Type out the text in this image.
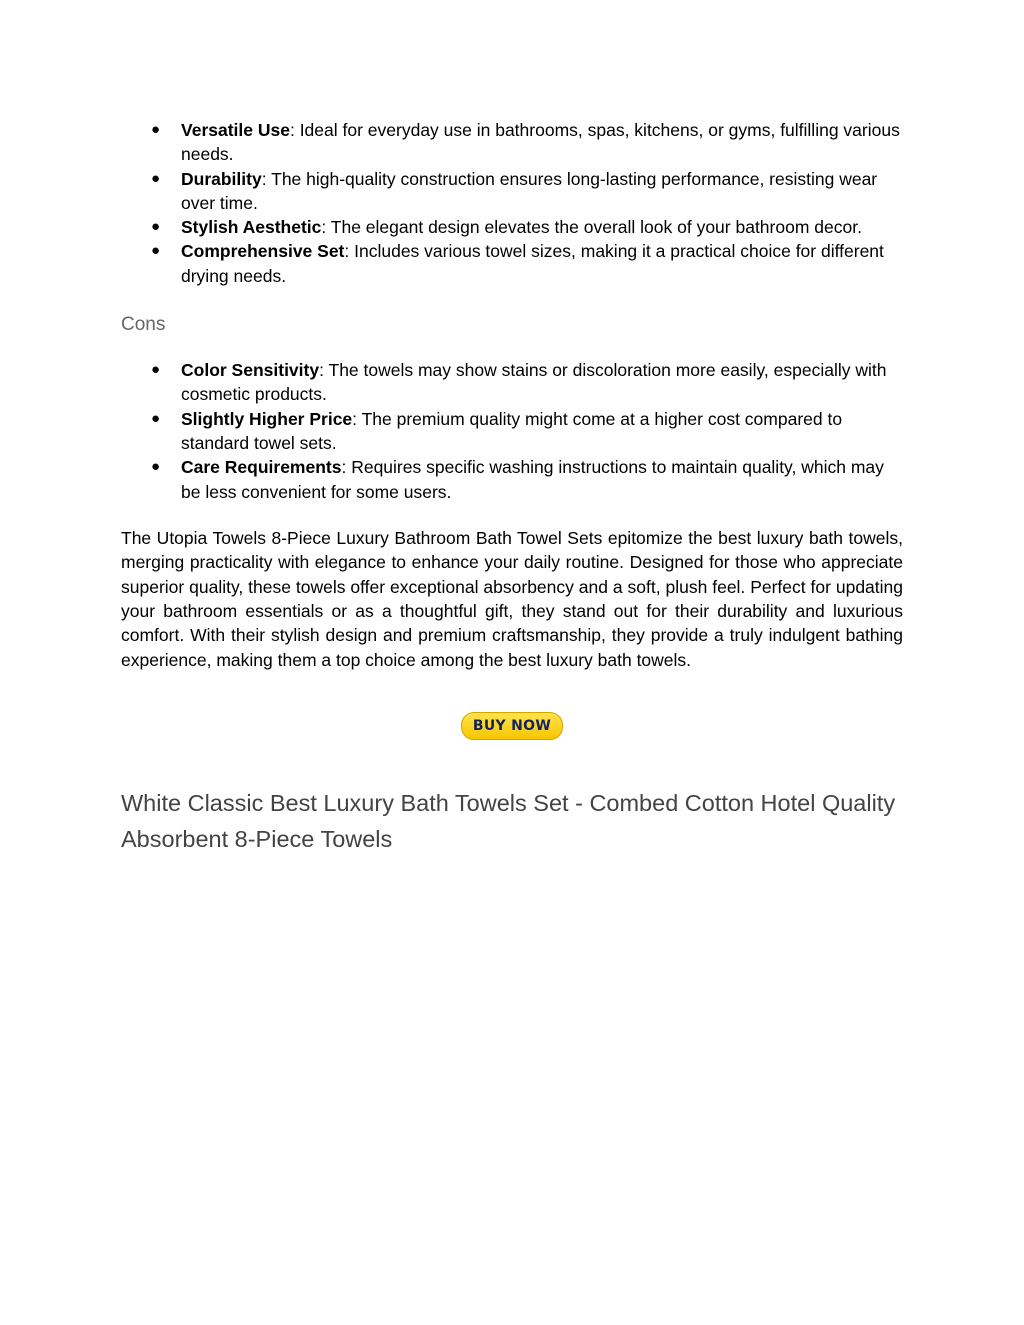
● Versatile Use: Ideal for everyday use in bathrooms, spas, kitchens, or gyms, fulfilling various needs.
● Durability: The high-quality construction ensures long-lasting performance, resisting wear over time.
● Stylish Aesthetic: The elegant design elevates the overall look of your bathroom decor.
● Comprehensive Set: Includes various towel sizes, making it a practical choice for different drying needs.
Cons
● Color Sensitivity: The towels may show stains or discoloration more easily, especially with cosmetic products.
● Slightly Higher Price: The premium quality might come at a higher cost compared to standard towel sets.
● Care Requirements: Requires specific washing instructions to maintain quality, which may be less convenient for some users.

The Utopia Towels 8-Piece Luxury Bathroom Bath Towel Sets epitomize the best luxury bath towels, merging practicality with elegance to enhance your daily routine. Designed for those who appreciate superior quality, these towels offer exceptional absorbency and a soft, plush feel. Perfect for updating your bathroom essentials or as a thoughtful gift, they stand out for their durability and luxurious comfort. With their stylish design and premium craftsmanship, they provide a truly indulgent bathing experience, making them a top choice among the best luxury bath towels.

BUY NOW
White Classic Best Luxury Bath Towels Set - Combed Cotton Hotel Quality Absorbent 8-Piece Towels
